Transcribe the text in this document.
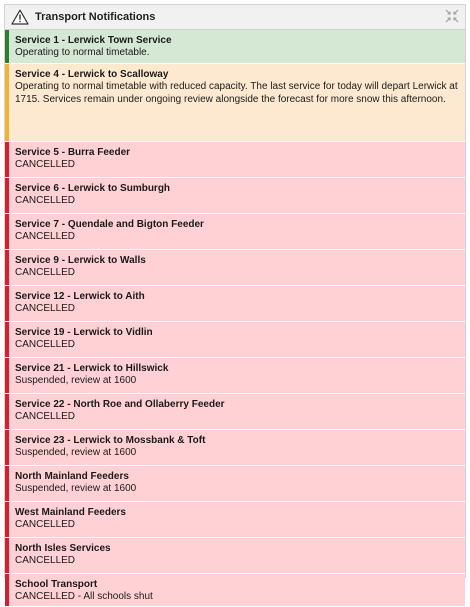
Transport Notifications
Service 1 - Lerwick Town Service
Operating to normal timetable.
Service 4 - Lerwick to Scalloway
Operating to normal timetable with reduced capacity. The last service for today will depart Lerwick at 1715. Services remain under ongoing review alongside the forecast for more snow this afternoon.
Service 5 - Burra Feeder
CANCELLED
Service 6 - Lerwick to Sumburgh
CANCELLED
Service 7 - Quendale and Bigton Feeder
CANCELLED
Service 9 - Lerwick to Walls
CANCELLED
Service 12 - Lerwick to Aith
CANCELLED
Service 19 - Lerwick to Vidlin
CANCELLED
Service 21 - Lerwick to Hillswick
Suspended, review at 1600
Service 22 - North Roe and Ollaberry Feeder
CANCELLED
Service 23 - Lerwick to Mossbank & Toft
Suspended, review at 1600
North Mainland Feeders
Suspended, review at 1600
West Mainland Feeders
CANCELLED
North Isles Services
CANCELLED
School Transport
CANCELLED - All schools shut
